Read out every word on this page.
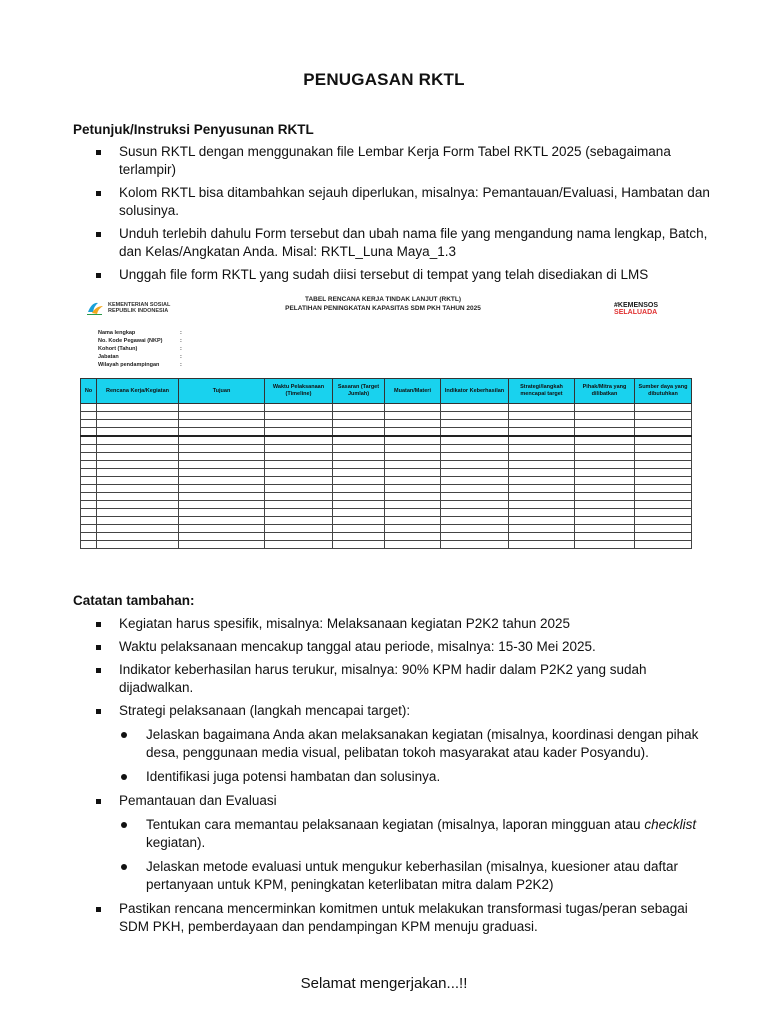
PENUGASAN RKTL
Petunjuk/Instruksi Penyusunan RKTL
Susun RKTL dengan menggunakan file Lembar Kerja Form Tabel RKTL 2025 (sebagaimana terlampir)
Kolom RKTL bisa ditambahkan sejauh diperlukan, misalnya: Pemantauan/Evaluasi, Hambatan dan solusinya.
Unduh terlebih dahulu Form tersebut dan ubah nama file yang mengandung nama lengkap, Batch, dan Kelas/Angkatan Anda. Misal: RKTL_Luna Maya_1.3
Unggah file form RKTL yang sudah diisi tersebut di tempat yang telah disediakan di LMS
KEMENTERIAN SOSIAL
REPUBLIK INDONESIA
TABEL RENCANA KERJA TINDAK LANJUT (RKTL)
PELATIHAN PENINGKATAN KAPASITAS SDM PKH TAHUN 2025	#KEMENSOS
SELALUADA
Nama lengkap	:
No. Kode Pegawai (NKP)	:
Kohort (Tahun)	:
Jabatan	:
Wilayah pendampingan	:
No	Rencana Kerja/Kegiatan	Tujuan	Waktu Pelaksanaan (Timeline)	Sasaran (Target Jumlah)	Muatan/Materi	Indikator Keberhasilan	Strategi/langkah mencapai target	Pihak/Mitra yang dilibatkan	Sumber daya yang dibutuhkan

Catatan tambahan:
Kegiatan harus spesifik, misalnya: Melaksanaan kegiatan P2K2 tahun 2025
Waktu pelaksanaan mencakup tanggal atau periode, misalnya: 15-30 Mei 2025.
Indikator keberhasilan harus terukur, misalnya: 90% KPM hadir dalam P2K2 yang sudah dijadwalkan.
Strategi pelaksanaan (langkah mencapai target):
Jelaskan bagaimana Anda akan melaksanakan kegiatan (misalnya, koordinasi dengan pihak desa, penggunaan media visual, pelibatan tokoh masyarakat atau kader Posyandu).
Identifikasi juga potensi hambatan dan solusinya.
Pemantauan dan Evaluasi
Tentukan cara memantau pelaksanaan kegiatan (misalnya, laporan mingguan atau checklist kegiatan).
Jelaskan metode evaluasi untuk mengukur keberhasilan (misalnya, kuesioner atau daftar pertanyaan untuk KPM, peningkatan keterlibatan mitra dalam P2K2)
Pastikan rencana mencerminkan komitmen untuk melakukan transformasi tugas/peran sebagai SDM PKH, pemberdayaan dan pendampingan KPM menuju graduasi.
Selamat mengerjakan...!!
